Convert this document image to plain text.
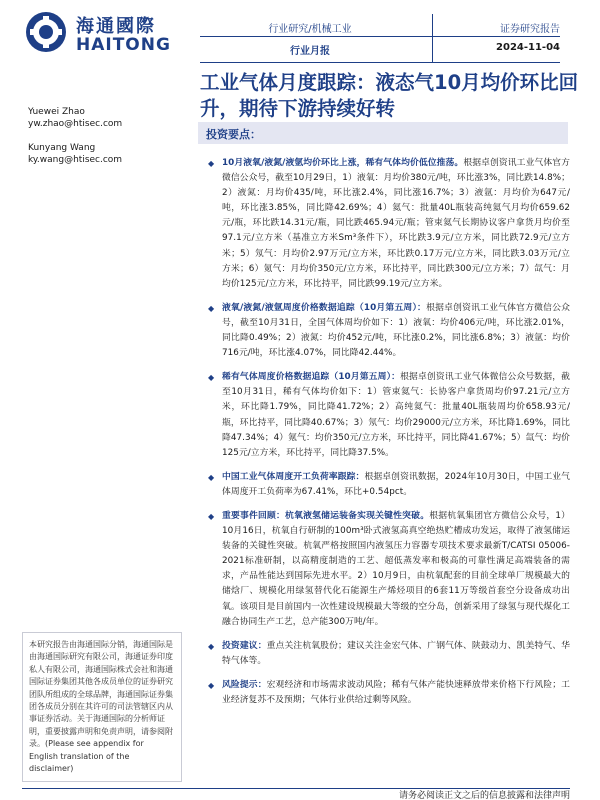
海通國際
HAITONG
行业研究/机械工业
行业月报
证券研究报告
2024-11-04
工业气体月度跟踪：液态气10月均价环比回升，期待下游持续好转
Yuewei Zhao
yw.zhao@htisec.com
Kunyang Wang
ky.wang@htisec.com
投资要点：
◆ 10月液氧/液氮/液氩均价环比上涨，稀有气体均价低位推荡。根据卓创资讯工业气体官方微信公众号，截至10月29日，1）液氧：月均价380元/吨，环比涨3%，同比跌14.8%；2）液氮：月均价435/吨，环比涨2.4%，同比涨16.7%；3）液氩：月均价为647元/吨，环比涨3.85%，同比降42.69%；4）氦气：批量40L瓶装高纯氦气月均价659.62元/瓶，环比跌14.31元/瓶，同比跌465.94元/瓶；管束氦气长期协议客户拿货月均价至97.1元/立方米（基准立方米Sm³条件下），环比跌3.9元/立方米，同比跌72.9元/立方米；5）氖气：月均价2.97万元/立方米，环比跌0.17万元/立方米，同比跌3.03万元/立方米；6）氪气：月均价350元/立方米，环比持平，同比跌300元/立方米；7）氙气：月均价125元/立方米，环比持平，同比跌99.19元/立方米。
◆ 液氧/液氮/液氩周度价格数据追踪（10月第五周）：根据卓创资讯工业气体官方微信公众号，截至10月31日，全国气体周均价如下：1）液氧：均价406元/吨，环比涨2.01%，同比降0.49%；2）液氮：均价452元/吨，环比涨0.2%，同比涨6.8%；3）液氩：均价716元/吨，环比涨4.07%，同比降42.44%。
◆ 稀有气体周度价格数据追踪（10月第五周）：根据卓创资讯工业气体微信公众号数据，截至10月31日，稀有气体均价如下：1）管束氦气：长协客户拿货周均价97.21元/立方米，环比降1.79%，同比降41.72%；2）高纯氦气：批量40L瓶装周均价658.93元/瓶，环比持平，同比降40.67%；3）氖气：均价29000元/立方米，环比降1.69%，同比降47.34%；4）氪气：均价350元/立方米，环比持平，同比降41.67%；5）氙气：均价125元/立方米，环比持平，同比降37.5%。
◆ 中国工业气体周度开工负荷率跟踪：根据卓创资讯数据，2024年10月30日，中国工业气体周度开工负荷率为67.41%，环比+0.54pct。
◆ 重要事件回顾：杭氧液氢储运装备实现关键性突破。根据杭氧集团官方微信公众号，1）10月16日，杭氧自行研制的100m³卧式液氢高真空绝热贮槽成功发运，取得了液氢储运装备的关键性突破。杭氧严格按照国内液氢压力容器专项技术要求最新T/CATSI 05006-2021标准研制，以高精度制造的工艺、超低蒸发率和极高的可靠性满足高端装备的需求，产品性能达到国际先进水平。2）10月9日，由杭氧配套的目前全球单厂规模最大的储焓厂、规模化用绿氢替代化石能源生产烯烃项目的6套11万等级首套空分设备成功出氧。该项目是目前国内一次性建设规模最大等级的空分岛，创新采用了绿氢与现代煤化工融合协同生产工艺，总产能300万吨/年。
◆ 投资建议：重点关注杭氧股份；建议关注金宏气体、广钢气体、陕鼓动力、凯美特气、华特气体等。
◆ 风险提示：宏观经济和市场需求波动风险；稀有气体产能快速释放带来价格下行风险；工业经济复苏不及预期；气体行业供给过剩等风险。
本研究报告由海通国际分销，海通国际是由海通国际研究有限公司，海通证券印度私人有限公司，海通国际株式会社和海通国际证券集团其他各成员单位的证券研究团队所组成的全球品牌，海通国际证券集团各成员分别在其许可的司法管辖区内从事证券活动。关于海通国际的分析师证明，重要披露声明和免责声明，请参阅附录。(Please see appendix for English translation of the disclaimer)
请务必阅读正文之后的信息披露和法律声明
